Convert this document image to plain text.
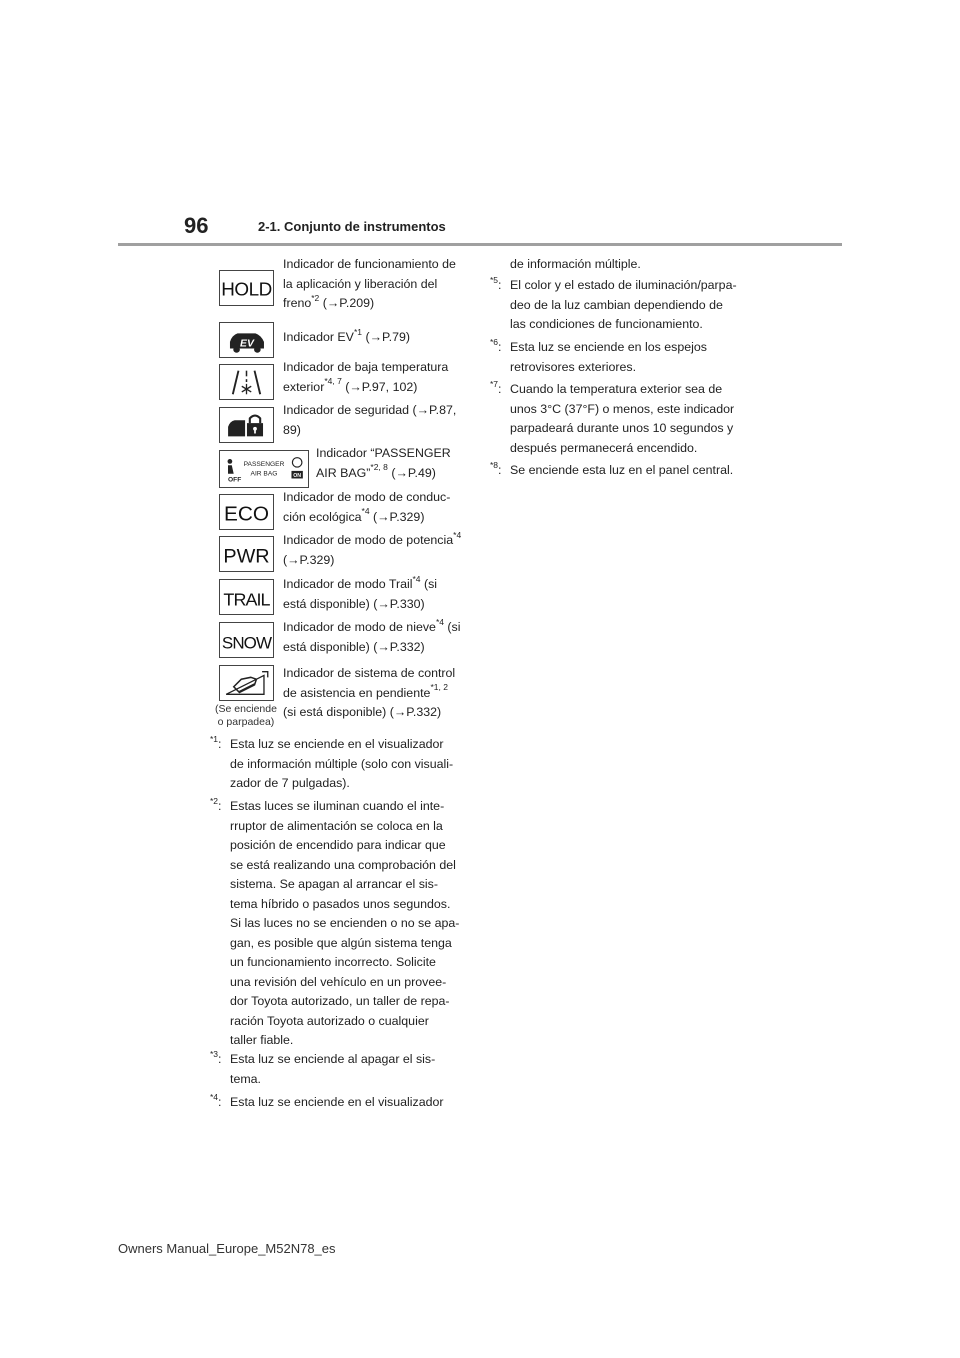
96	2-1. Conjunto de instrumentos
HOLD
Indicador de funcionamiento de
la aplicación y liberación del
freno$^{*2}$ (→P.209)
EV
Indicador EV$^{*1}$ (→P.79)
Indicador de baja temperatura
exterior$^{*4, 7}$ (→P.97, 102)
Indicador de seguridad (→P.87,
89)
OFF
PASSENGER
AIR BAG	ON
Indicador “PASSENGER
AIR BAG”$^{*2, 8}$ (→P.49)
ECO
Indicador de modo de conduc-
ción ecológica$^{*4}$ (→P.329)
PWR
Indicador de modo de potencia$^{*4}$
(→P.329)
TRAIL
Indicador de modo Trail$^{*4}$ (si
está disponible) (→P.330)
SNOW
Indicador de modo de nieve$^{*4}$ (si
está disponible) (→P.332)
(Se enciende
o parpadea)
Indicador de sistema de control
de asistencia en pendiente$^{*1, 2}$
(si está disponible) (→P.332)
$^{*1}$: Esta luz se enciende en el visualizador
de información múltiple (solo con visuali-
zador de 7 pulgadas).
$^{*2}$: Estas luces se iluminan cuando el inte-
rruptor de alimentación se coloca en la
posición de encendido para indicar que
se está realizando una comprobación del
sistema. Se apagan al arrancar el sis-
tema híbrido o pasados unos segundos.
Si las luces no se encienden o no se apa-
gan, es posible que algún sistema tenga
un funcionamiento incorrecto. Solicite
una revisión del vehículo en un provee-
dor Toyota autorizado, un taller de repa-
ración Toyota autorizado o cualquier
taller fiable.
$^{*3}$: Esta luz se enciende al apagar el sis-
tema.
$^{*4}$: Esta luz se enciende en el visualizador
de información múltiple.
$^{*5}$: El color y el estado de iluminación/parpa-
deo de la luz cambian dependiendo de
las condiciones de funcionamiento.
$^{*6}$: Esta luz se enciende en los espejos
retrovisores exteriores.
$^{*7}$: Cuando la temperatura exterior sea de
unos 3°C (37°F) o menos, este indicador
parpadeará durante unos 10 segundos y
después permanecerá encendido.
$^{*8}$: Se enciende esta luz en el panel central.
Owners Manual_Europe_M52N78_es
